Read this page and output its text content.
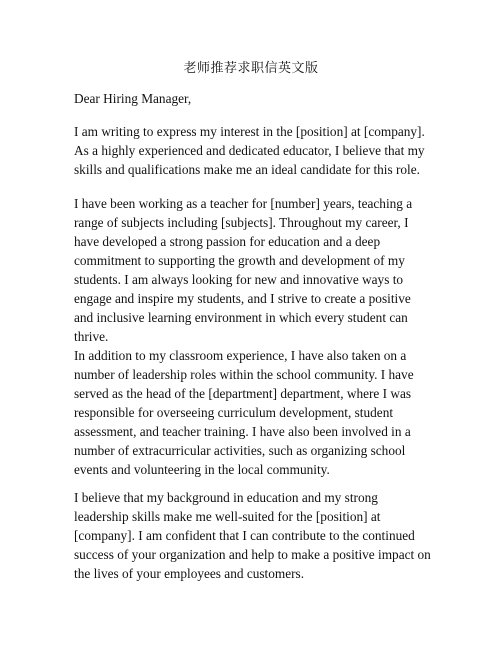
老师推荐求职信英文版
Dear Hiring Manager,

I am writing to express my interest in the [position] at [company].
As a highly experienced and dedicated educator, I believe that my
skills and qualifications make me an ideal candidate for this role.

I have been working as a teacher for [number] years, teaching a
range of subjects including [subjects]. Throughout my career, I
have developed a strong passion for education and a deep
commitment to supporting the growth and development of my
students. I am always looking for new and innovative ways to
engage and inspire my students, and I strive to create a positive
and inclusive learning environment in which every student can
thrive.

In addition to my classroom experience, I have also taken on a
number of leadership roles within the school community. I have
served as the head of the [department] department, where I was
responsible for overseeing curriculum development, student
assessment, and teacher training. I have also been involved in a
number of extracurricular activities, such as organizing school
events and volunteering in the local community.

I believe that my background in education and my strong
leadership skills make me well-suited for the [position] at
[company]. I am confident that I can contribute to the continued
success of your organization and help to make a positive impact on
the lives of your employees and customers.
